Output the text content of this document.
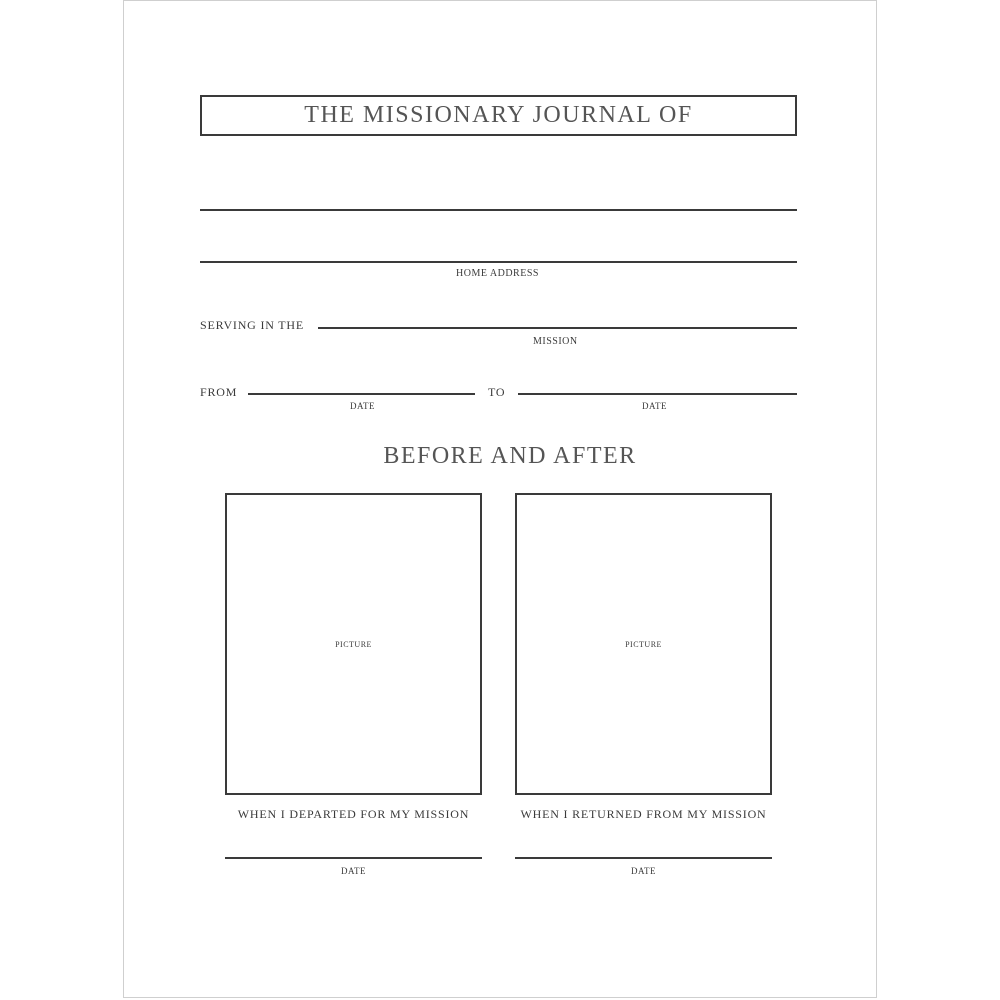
THE MISSIONARY JOURNAL OF
HOME ADDRESS
SERVING IN THE
MISSION
FROM
DATE
TO
DATE
BEFORE AND AFTER
PICTURE	PICTURE
WHEN I DEPARTED FOR MY MISSION	WHEN I RETURNED FROM MY MISSION
DATE	DATE
